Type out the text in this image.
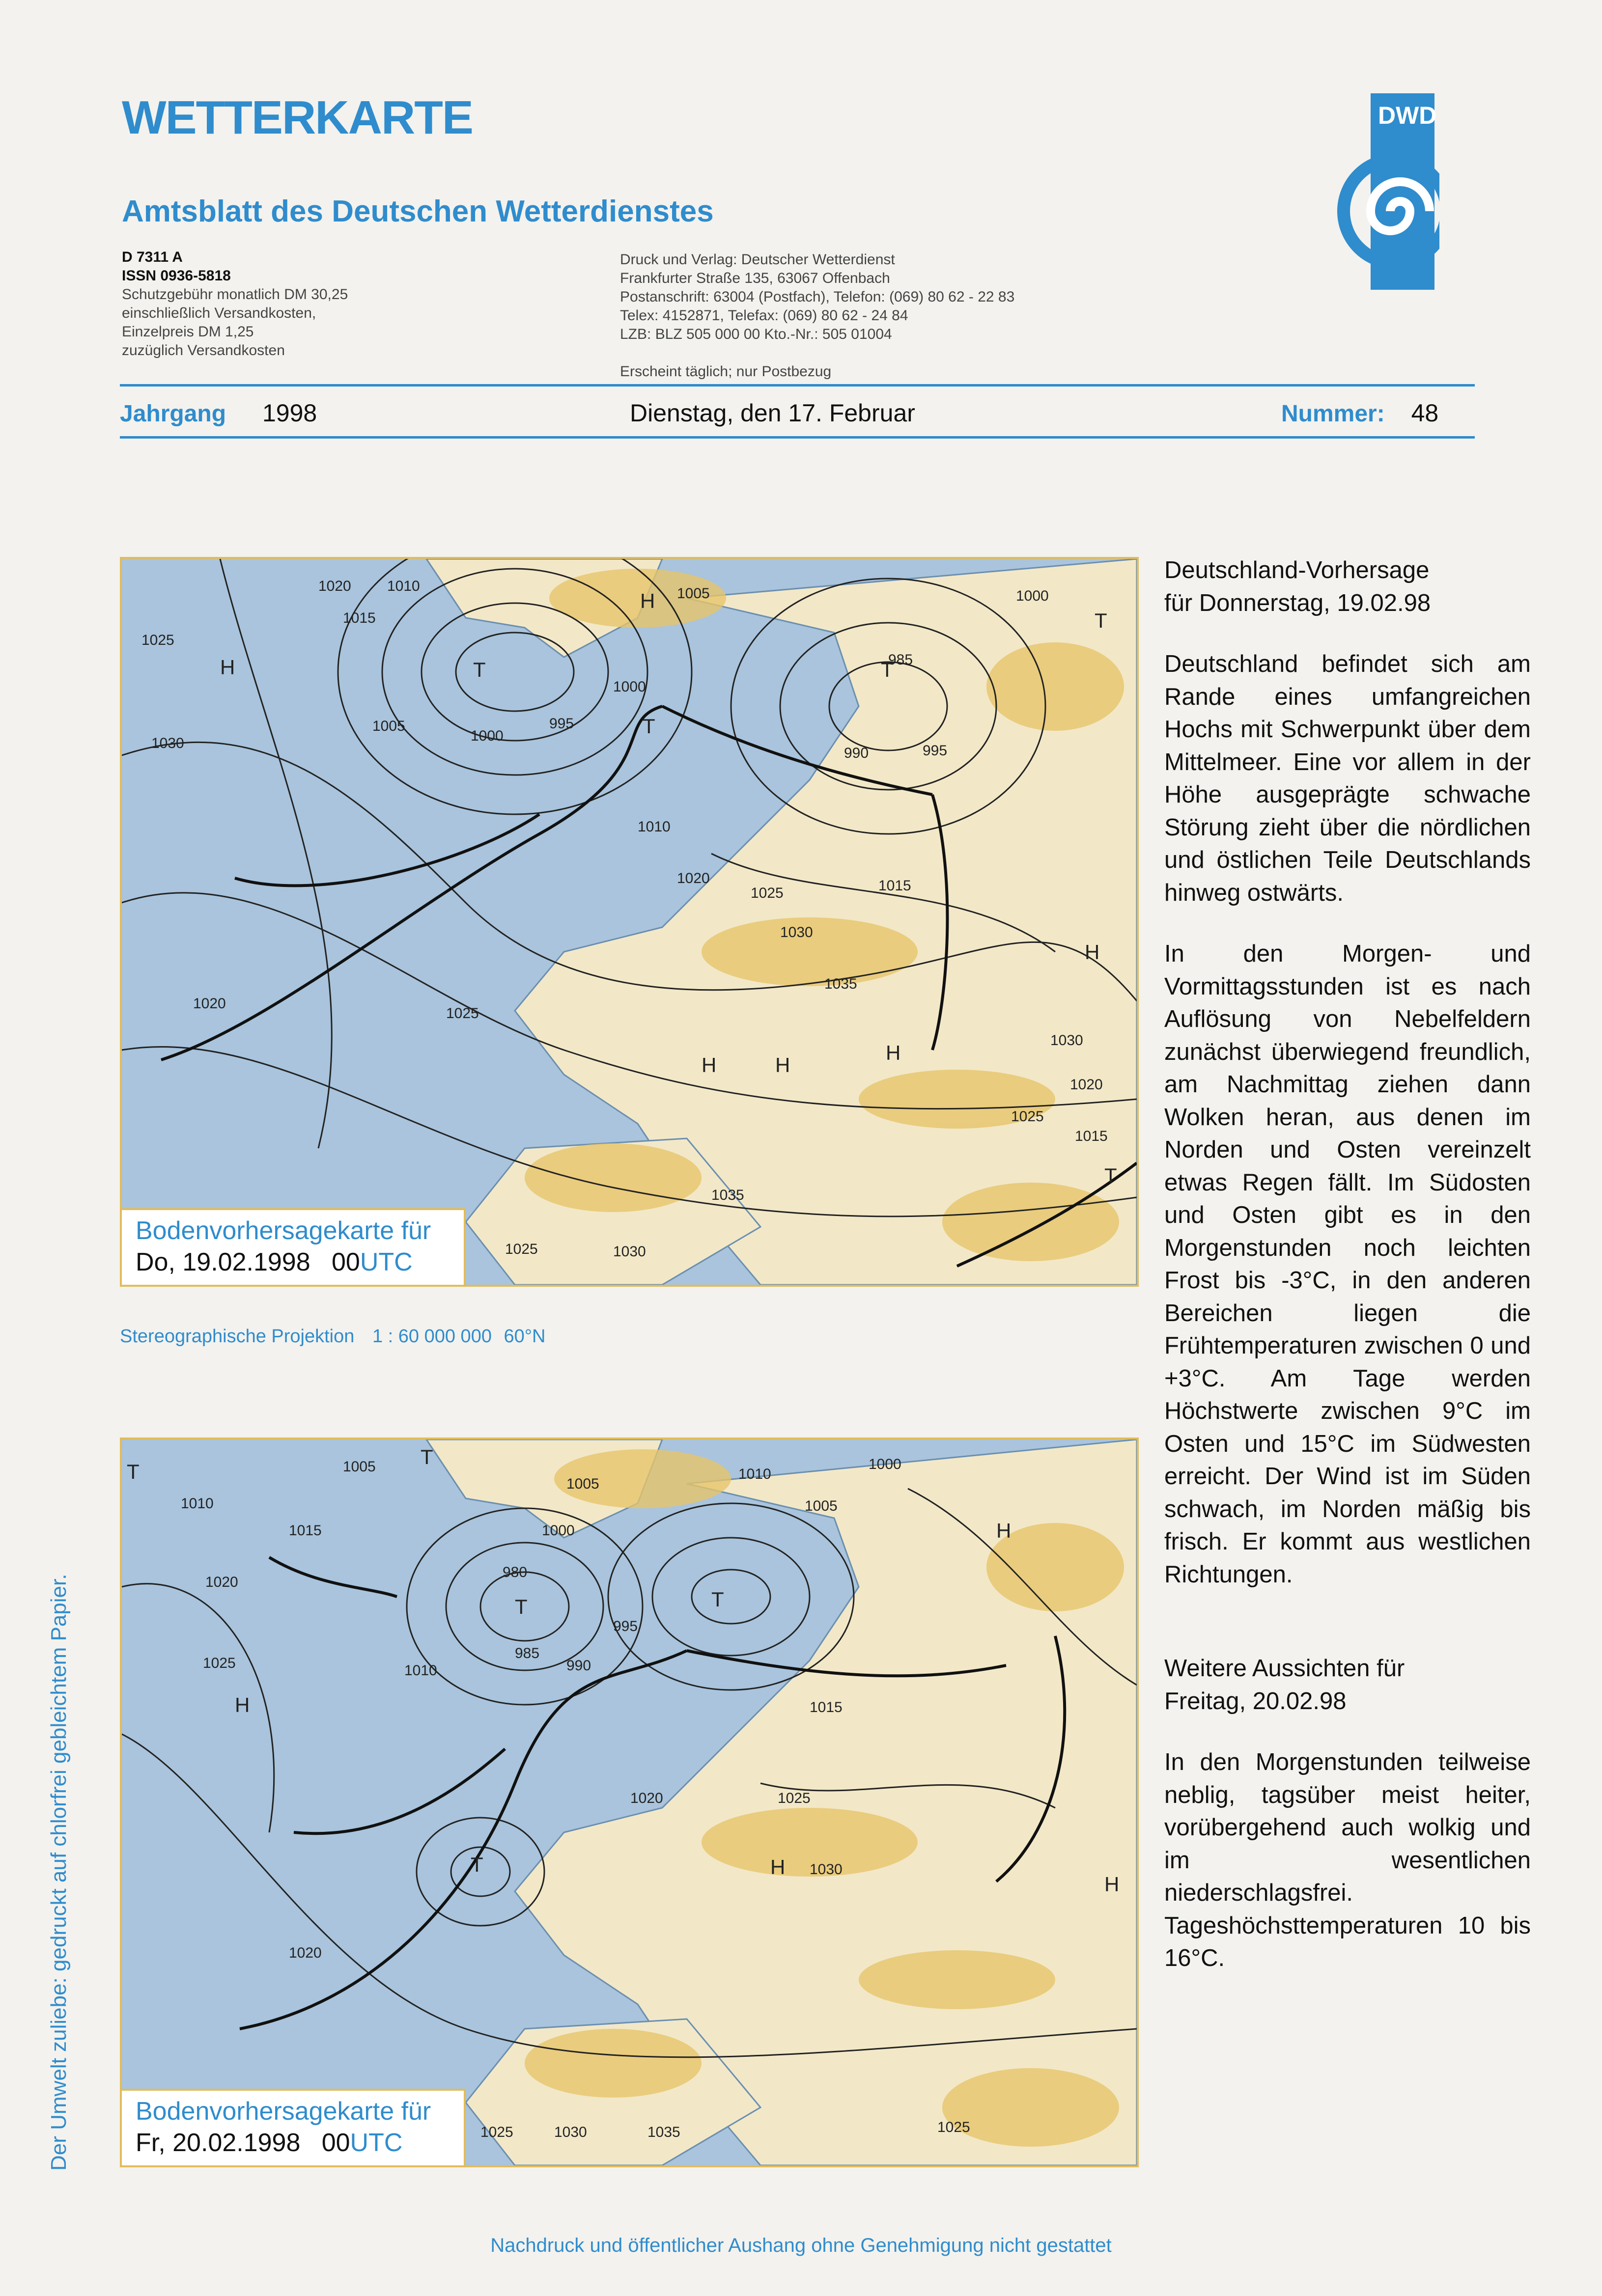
WETTERKARTE
Amtsblatt des Deutschen Wetterdienstes
D 7311 A
ISSN 0936-5818
Schutzgebühr monatlich DM 30,25
einschließlich Versandkosten,
Einzelpreis DM 1,25
zuzüglich Versandkosten
Druck und Verlag: Deutscher Wetterdienst
Frankfurter Straße 135, 63067 Offenbach
Postanschrift: 63004 (Postfach), Telefon: (069) 80 62 - 22 83
Telex: 4152871, Telefax: (069) 80 62 - 24 84
LZB: BLZ 505 000 00 Kto.-Nr.: 505 01004
Erscheint täglich; nur Postbezug
DWD
Jahrgang 1998	Dienstag, den 17. Februar	Nummer: 48
1020 1010
1015
1025
1030
1005
1000
995
985
990
1010
1020
1025
1030
1035
1015
1000
1025
1020
1030
1025
1020
1015
1035
1025	1030
995
1000
1005
H	T
H
T
T
H	H
H
H
T
T
Bodenvorhersagekarte für
Do, 19.02.1998 00UTC
Stereographische Projektion 1 : 60 000 000 60°N
1005
1010
1015
1020
1025
980
985
990
995
1000
1005
1010
1015
1020	1025
1030
1035
1025	1030
1000
1005
1010
1020
1025
T
T	T
H
H
T	H
H
T
Bodenvorhersagekarte für
Fr, 20.02.1998 00UTC

Deutschland-Vorhersage

für Donnerstag, 19.02.98

Deutschland befindet sich am Rande eines umfangreichen Hochs mit Schwerpunkt über dem Mittelmeer. Eine vor allem in der Höhe ausgeprägte schwache Störung zieht über die nördlichen und östlichen Teile Deutschlands hinweg ostwärts.

In den Morgen- und Vormittagsstunden ist es nach Auflösung von Nebelfeldern zunächst überwiegend freundlich, am Nachmittag ziehen dann Wolken heran, aus denen im Norden und Osten vereinzelt etwas Regen fällt. Im Südosten und Osten gibt es in den Morgenstunden noch leichten Frost bis -3°C, in den anderen Bereichen liegen die Frühtemperaturen zwischen 0 und +3°C. Am Tage werden Höchstwerte zwischen 9°C im Osten und 15°C im Südwesten erreicht. Der Wind ist im Süden schwach, im Norden mäßig bis frisch. Er kommt aus westlichen Richtungen.

Weitere Aussichten für

Freitag, 20.02.98

In den Morgenstunden teilweise neblig, tagsüber meist heiter, vorübergehend auch wolkig und im wesentlichen niederschlagsfrei. Tageshöchsttemperaturen 10 bis 16°C.

Der Umwelt zuliebe: gedruckt auf chlorfrei gebleichtem Papier.
Nachdruck und öffentlicher Aushang ohne Genehmigung nicht gestattet
